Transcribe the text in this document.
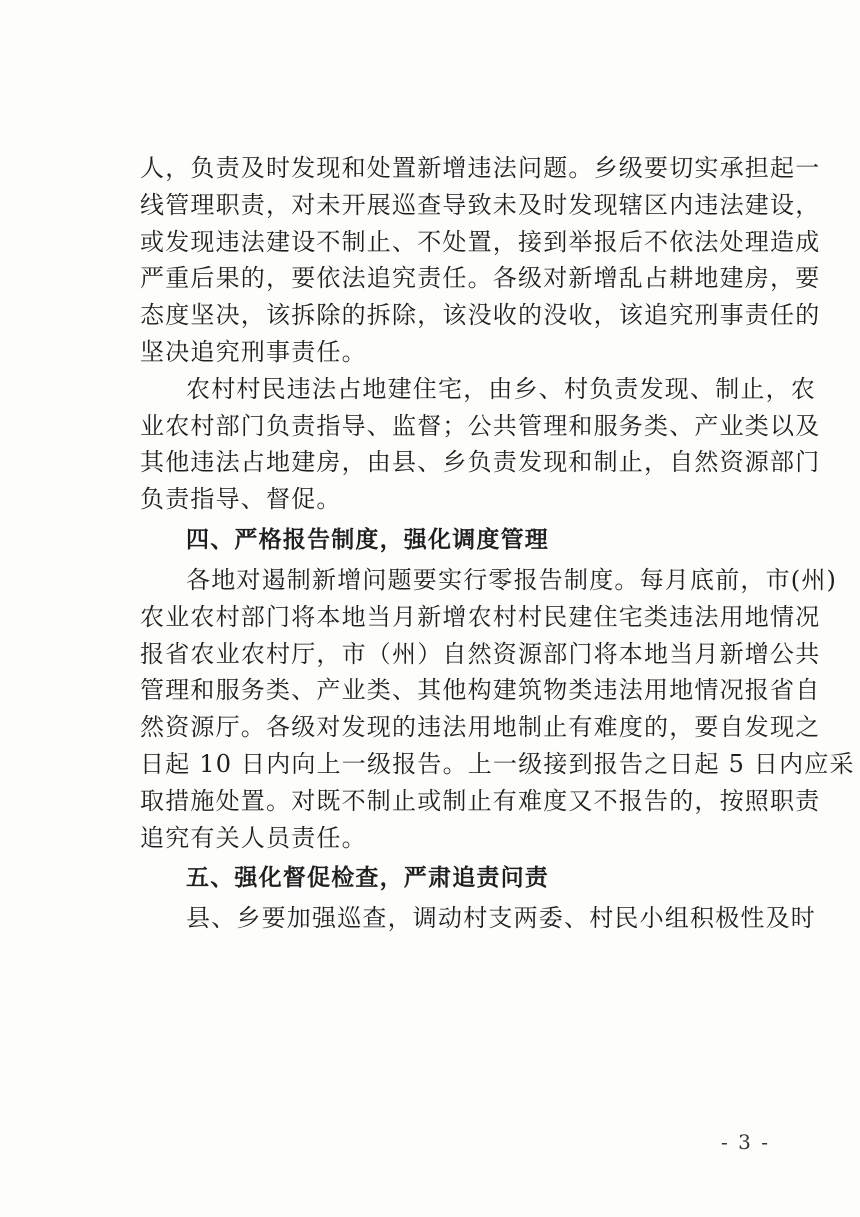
人，负责及时发现和处置新增违法问题。乡级要切实承担起一
线管理职责，对未开展巡查导致未及时发现辖区内违法建设，
或发现违法建设不制止、不处置，接到举报后不依法处理造成
严重后果的，要依法追究责任。各级对新增乱占耕地建房，要
态度坚决，该拆除的拆除，该没收的没收，该追究刑事责任的
坚决追究刑事责任。
农村村民违法占地建住宅，由乡、村负责发现、制止，农
业农村部门负责指导、监督；公共管理和服务类、产业类以及
其他违法占地建房，由县、乡负责发现和制止，自然资源部门
负责指导、督促。
四、严格报告制度，强化调度管理
各地对遏制新增问题要实行零报告制度。每月底前，市(州)
农业农村部门将本地当月新增农村村民建住宅类违法用地情况
报省农业农村厅，市（州）自然资源部门将本地当月新增公共
管理和服务类、产业类、其他构建筑物类违法用地情况报省自
然资源厅。各级对发现的违法用地制止有难度的，要自发现之
日起 10 日内向上一级报告。上一级接到报告之日起 5 日内应采
取措施处置。对既不制止或制止有难度又不报告的，按照职责
追究有关人员责任。
五、强化督促检查，严肃追责问责
县、乡要加强巡查，调动村支两委、村民小组积极性及时
- 3 -
